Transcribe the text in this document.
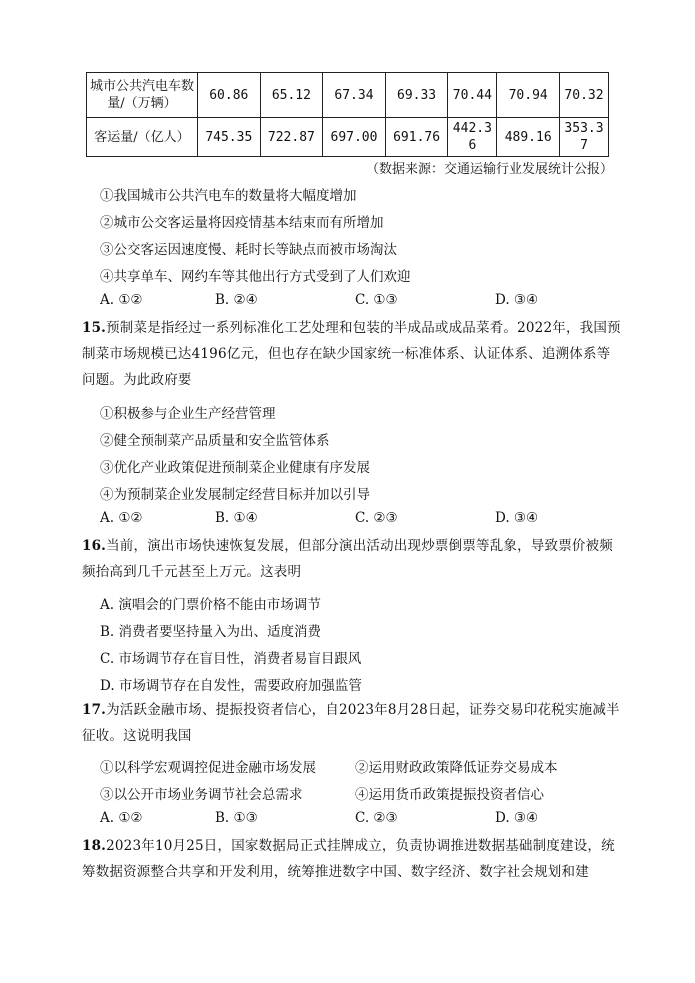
城市公共汽电车数量/（万辆）	60.86	65.12	67.34	69.33	70.44	70.94	70.32
客运量/（亿人）	745.35	722.87	697.00	691.76	442.36	489.16	353.37
（数据来源：交通运输行业发展统计公报）
①我国城市公共汽电车的数量将大幅度增加
②城市公交客运量将因疫情基本结束而有所增加
③公交客运因速度慢、耗时长等缺点而被市场淘汰
④共享单车、网约车等其他出行方式受到了人们欢迎
A. ①②	B. ②④	C. ①③	D. ③④
15.预制菜是指经过一系列标准化工艺处理和包装的半成品或成品菜肴。2022年，我国预制菜市场规模已达4196亿元，但也存在缺少国家统一标准体系、认证体系、追溯体系等问题。为此政府要
①积极参与企业生产经营管理
②健全预制菜产品质量和安全监管体系
③优化产业政策促进预制菜企业健康有序发展
④为预制菜企业发展制定经营目标并加以引导
A. ①②	B. ①④	C. ②③	D. ③④
16.当前，演出市场快速恢复发展，但部分演出活动出现炒票倒票等乱象，导致票价被频频抬高到几千元甚至上万元。这表明
A. 演唱会的门票价格不能由市场调节
B. 消费者要坚持量入为出、适度消费
C. 市场调节存在盲目性，消费者易盲目跟风
D. 市场调节存在自发性，需要政府加强监管
17.为活跃金融市场、提振投资者信心，自2023年8月28日起，证券交易印花税实施减半征收。这说明我国
①以科学宏观调控促进金融市场发展	②运用财政政策降低证券交易成本
③以公开市场业务调节社会总需求	④运用货币政策提振投资者信心
A. ①②	B. ①③	C. ②③	D. ③④
18.2023年10月25日，国家数据局正式挂牌成立，负责协调推进数据基础制度建设，统筹数据资源整合共享和开发利用，统筹推进数字中国、数字经济、数字社会规划和建
